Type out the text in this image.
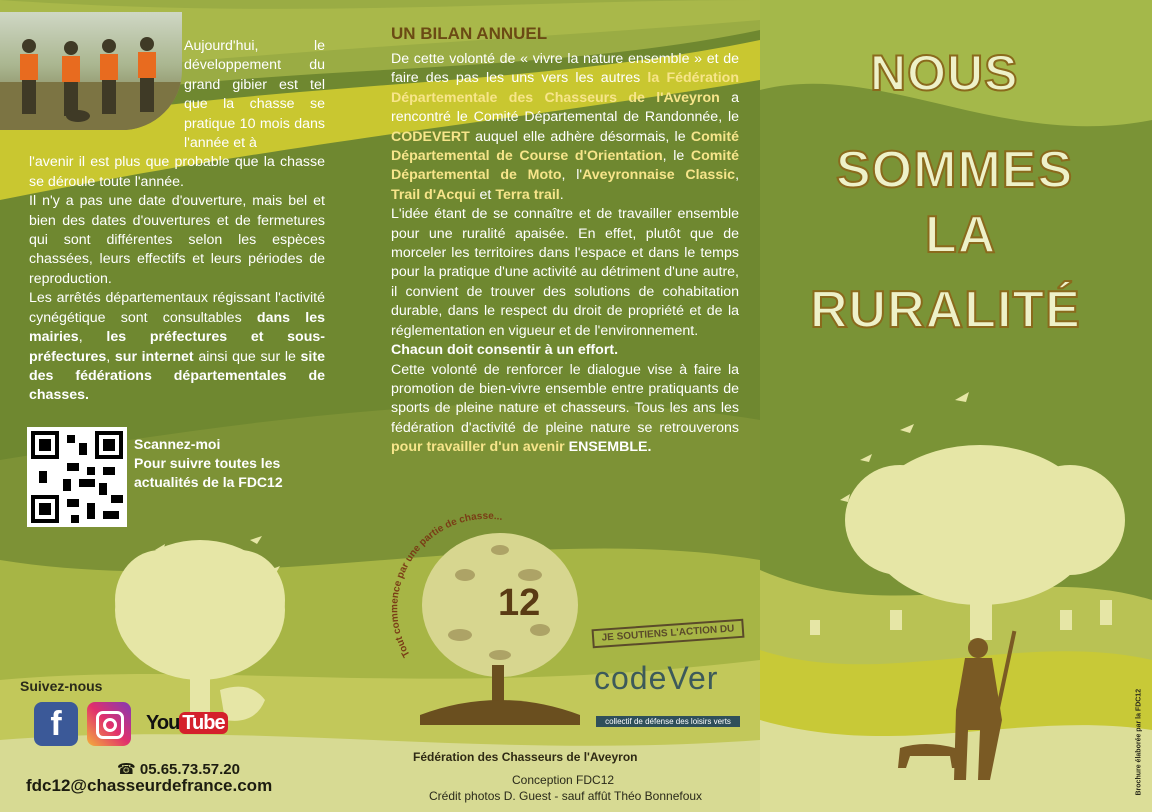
Aujourd'hui, le développement du grand gibier est tel que la chasse se pratique 10 mois dans l'année et à

l'avenir il est plus que probable que la chasse se déroule toute l'année.

Il n'y a pas une date d'ouverture, mais bel et bien des dates d'ouvertures et de fermetures qui sont différentes selon les espèces chassées, leurs effectifs et leurs périodes de reproduction.

Les arrêtés départementaux régissant l'activité cynégétique sont consultables dans les mairies, les préfectures et sous-préfectures, sur internet ainsi que sur le site des fédérations départementales de chasses.

Scannez-moi
Pour suivre toutes les
actualités de la FDC12
Suivez-nous
f	You Tube
☎ 05.65.73.57.20
fdc12@chasseurdefrance.com
UN BILAN ANNUEL

De cette volonté de « vivre la nature ensemble » et de faire des pas les uns vers les autres la Fédération Départementale des Chasseurs de l'Aveyron a rencontré le Comité Départemental de Randonnée, le CODEVERT auquel elle adhère désormais, le Comité Départemental de Course d'Orientation, le Comité Départemental de Moto, l'Aveyronnaise Classic, Trail d'Acqui et Terra trail.

L'idée étant de se connaître et de travailler ensemble pour une ruralité apaisée. En effet, plutôt que de morceler les territoires dans l'espace et dans le temps pour la pratique d'une activité au détriment d'une autre, il convient de trouver des solutions de cohabitation durable, dans le respect du droit de propriété et de la réglementation en vigueur et de l'environnement.

Chacun doit consentir à un effort.

Cette volonté de renforcer le dialogue vise à faire la promotion de bien-vivre ensemble entre pratiquants de sports de pleine nature et chasseurs. Tous les ans les fédération d'activité de pleine nature se retrouverons pour travailler d'un avenir ENSEMBLE.

Tout commence par une partie de chasse...
12
Fédération des Chasseurs de l'Aveyron
JE SOUTIENS L'ACTION DU
codeVer
collectif de défense des loisirs verts
Conception FDC12
Crédit photos D. Guest - sauf affût Théo Bonnefoux
NOUS
SOMMES
LA
RURALITÉ
Brochure élaborée par la FDC12
